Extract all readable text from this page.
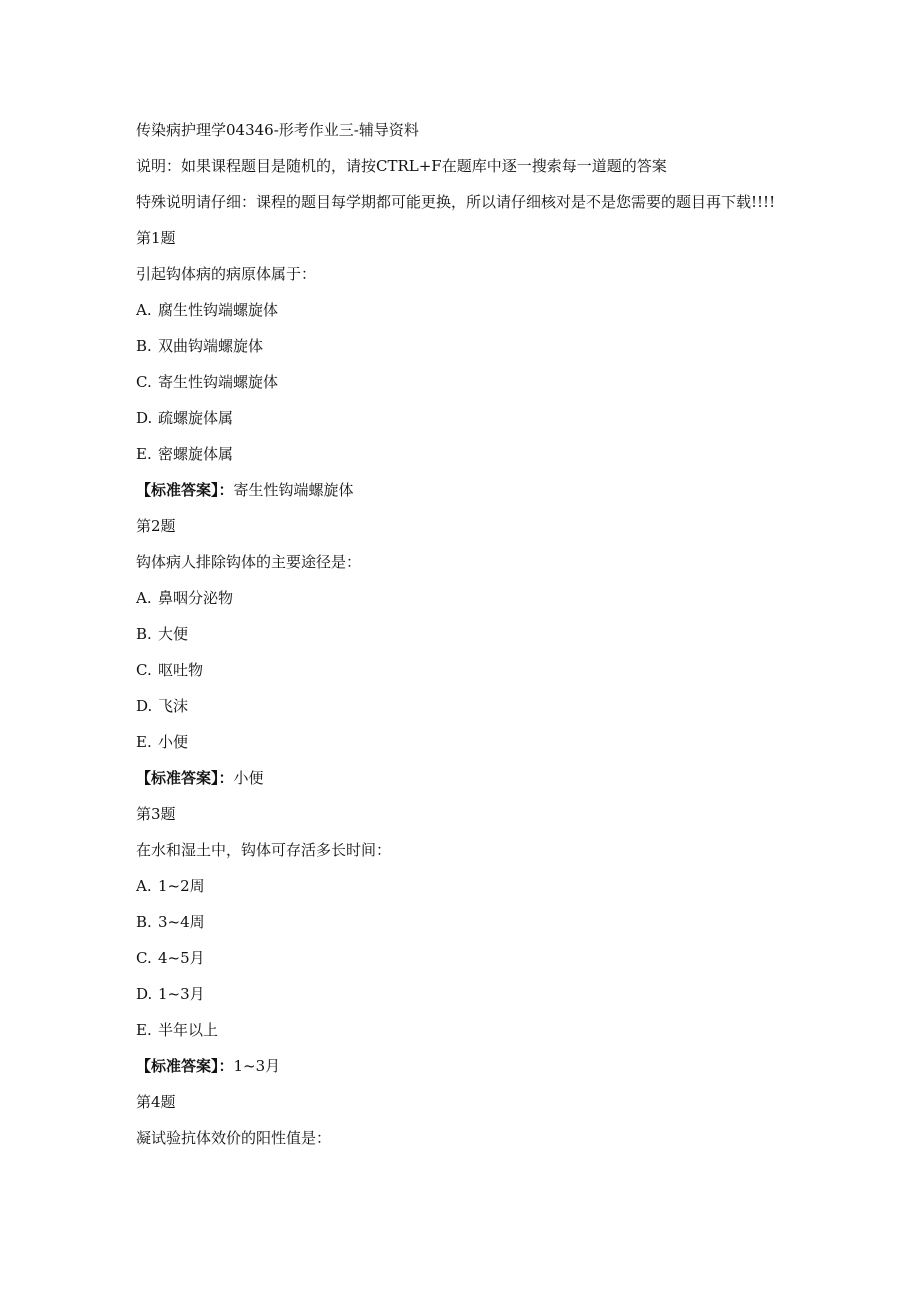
传染病护理学04346-形考作业三-辅导资料
说明：如果课程题目是随机的，请按CTRL+F在题库中逐一搜索每一道题的答案
特殊说明请仔细：课程的题目每学期都可能更换，所以请仔细核对是不是您需要的题目再下载!!!!
第1题
引起钩体病的病原体属于：
A. 腐生性钩端螺旋体
B. 双曲钩端螺旋体
C. 寄生性钩端螺旋体
D. 疏螺旋体属
E. 密螺旋体属
【标准答案】：寄生性钩端螺旋体
第2题
钩体病人排除钩体的主要途径是：
A. 鼻咽分泌物
B. 大便
C. 呕吐物
D. 飞沫
E. 小便
【标准答案】：小便
第3题
在水和湿土中，钩体可存活多长时间：
A. 1~2周
B. 3~4周
C. 4~5月
D. 1~3月
E. 半年以上
【标准答案】：1~3月
第4题
凝试验抗体效价的阳性值是：
